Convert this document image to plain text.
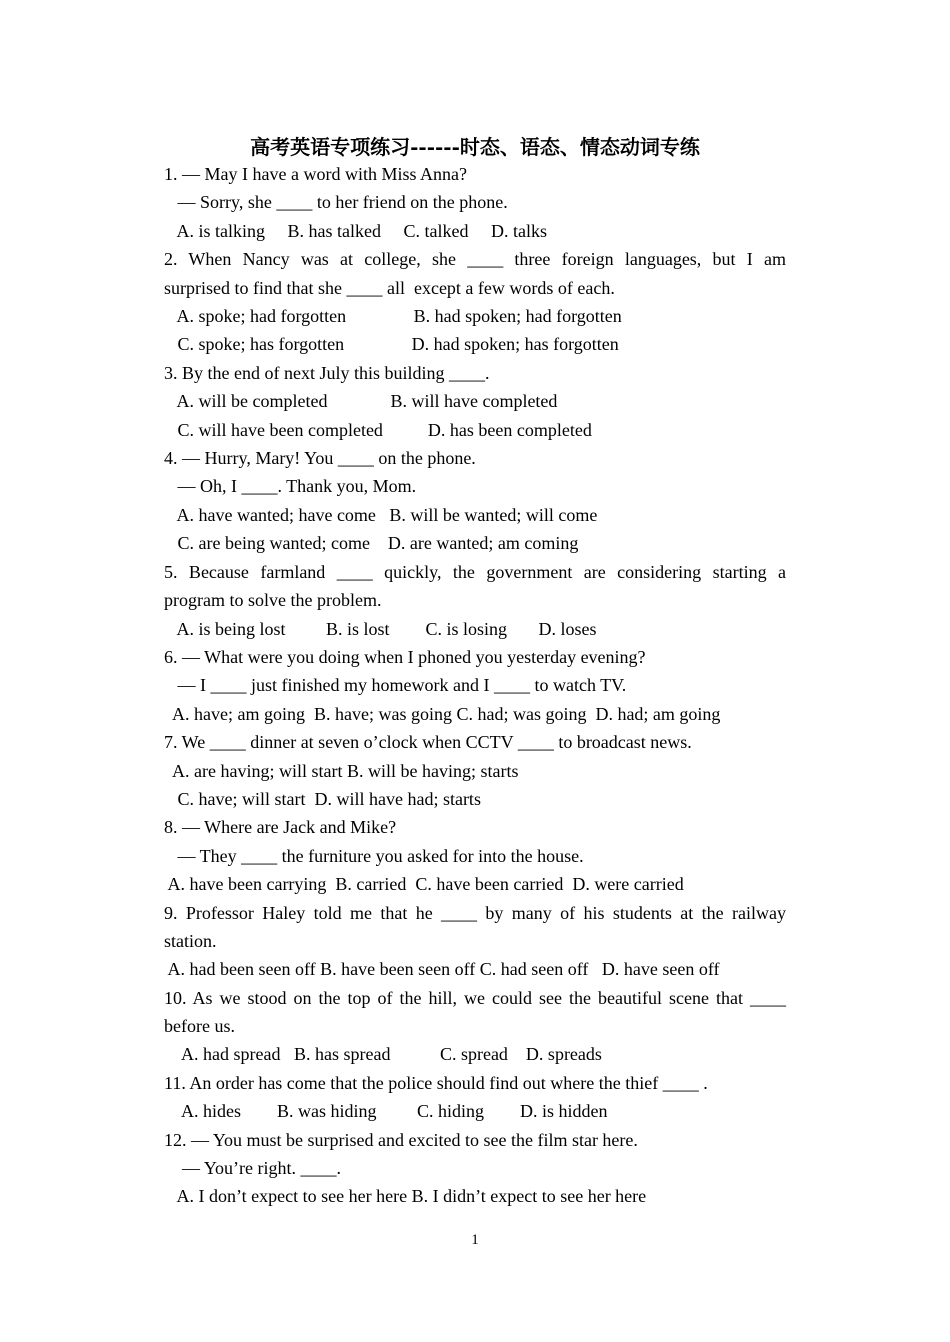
高考英语专项练习------时态、语态、情态动词专练
1. — May I have a word with Miss Anna?
— Sorry, she ____ to her friend on the phone.
A. is talking     B. has talked     C. talked     D. talks
2. When Nancy was at college, she ____ three foreign languages, but I am
surprised to find that she ____ all  except a few words of each.
A. spoke; had forgotten               B. had spoken; had forgotten
C. spoke; has forgotten               D. had spoken; has forgotten
3. By the end of next July this building ____.
A. will be completed              B. will have completed
C. will have been completed          D. has been completed
4. — Hurry, Mary! You ____ on the phone.
— Oh, I ____. Thank you, Mom.
A. have wanted; have come   B. will be wanted; will come
C. are being wanted; come    D. are wanted; am coming
5. Because farmland ____ quickly, the government are considering starting a
program to solve the problem.
A. is being lost         B. is lost        C. is losing       D. loses
6. — What were you doing when I phoned you yesterday evening?
— I ____ just finished my homework and I ____ to watch TV.
A. have; am going  B. have; was going C. had; was going  D. had; am going
7. We ____ dinner at seven o’clock when CCTV ____ to broadcast news.
A. are having; will start B. will be having; starts
C. have; will start  D. will have had; starts
8. — Where are Jack and Mike?
— They ____ the furniture you asked for into the house.
A. have been carrying  B. carried  C. have been carried  D. were carried
9. Professor Haley told me that he ____ by many of his students at the railway
station.
A. had been seen off B. have been seen off C. had seen off   D. have seen off
10. As we stood on the top of the hill, we could see the beautiful scene that ____
before us.
A. had spread   B. has spread           C. spread    D. spreads
11. An order has come that the police should find out where the thief ____ .
A. hides        B. was hiding         C. hiding        D. is hidden
12. — You must be surprised and excited to see the film star here.
— You’re right. ____.
A. I don’t expect to see her here B. I didn’t expect to see her here
1
